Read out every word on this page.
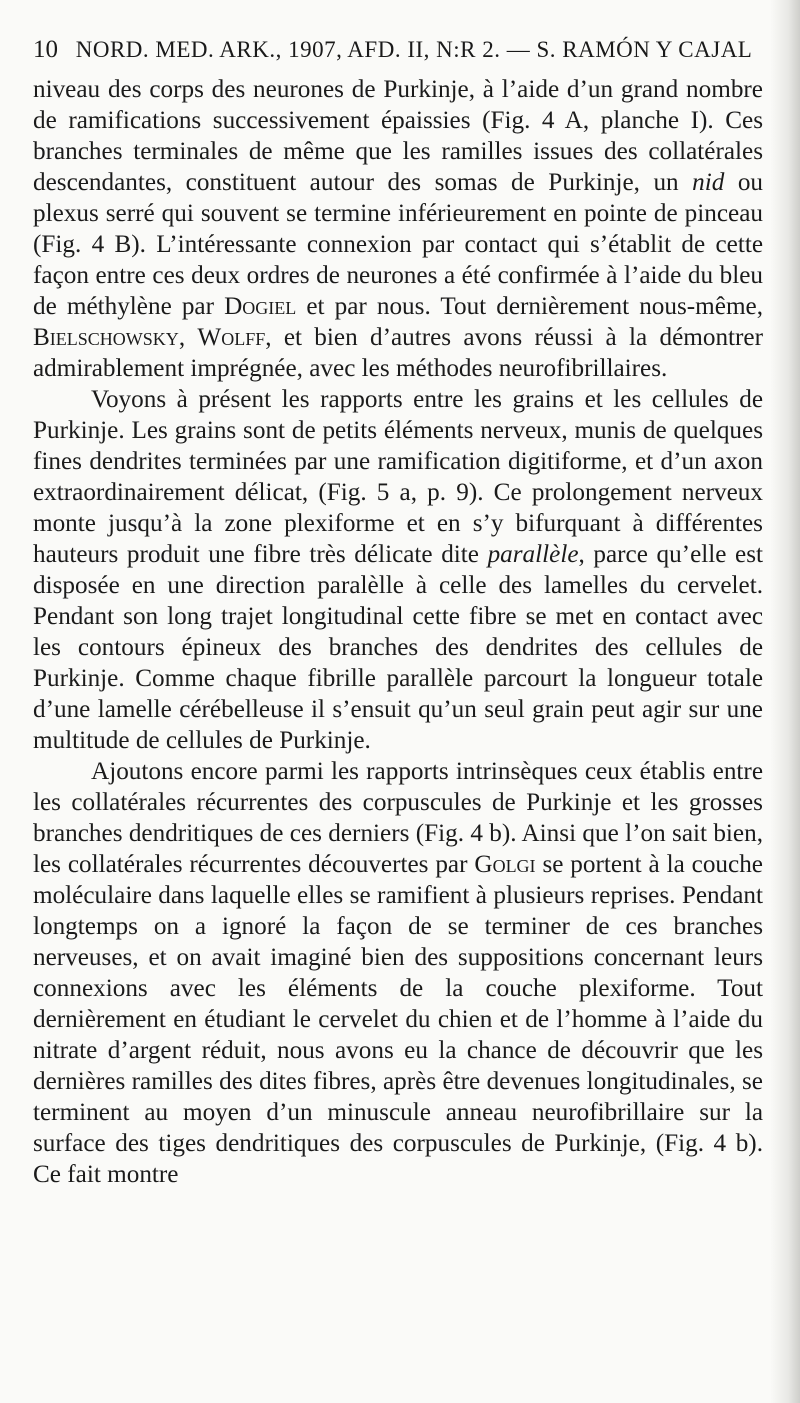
10 NORD. MED. ARK., 1907, AFD. II, N:R 2. — S. RAMÓN Y CAJAL

niveau des corps des neurones de Purkinje, à l’aide d’un grand nombre de ramifications successivement épaissies (Fig. 4 A, planche I). Ces branches terminales de même que les ramilles issues des collatérales descendantes, constituent autour des somas de Purkinje, un nid ou plexus serré qui souvent se termine inférieurement en pointe de pinceau (Fig. 4 B). L’intéressante connexion par contact qui s’établit de cette façon entre ces deux ordres de neurones a été confirmée à l’aide du bleu de méthylène par Dogiel et par nous. Tout dernièrement nous-même, Bielschowsky, Wolff, et bien d’autres avons réussi à la démontrer admirablement imprégnée, avec les méthodes neurofibrillaires.

Voyons à présent les rapports entre les grains et les cellules de Purkinje. Les grains sont de petits éléments nerveux, munis de quelques fines dendrites terminées par une ramification digitiforme, et d’un axon extraordinairement délicat, (Fig. 5 a, p. 9). Ce prolongement nerveux monte jusqu’à la zone plexiforme et en s’y bifurquant à différentes hauteurs produit une fibre très délicate dite parallèle, parce qu’elle est disposée en une direction paralèlle à celle des lamelles du cervelet. Pendant son long trajet longitudinal cette fibre se met en contact avec les contours épineux des branches des dendrites des cellules de Purkinje. Comme chaque fibrille parallèle parcourt la longueur totale d’une lamelle cérébelleuse il s’ensuit qu’un seul grain peut agir sur une multitude de cellules de Purkinje.

Ajoutons encore parmi les rapports intrinsèques ceux établis entre les collatérales récurrentes des corpuscules de Purkinje et les grosses branches dendritiques de ces derniers (Fig. 4 b). Ainsi que l’on sait bien, les collatérales récurrentes découvertes par Golgi se portent à la couche moléculaire dans laquelle elles se ramifient à plusieurs reprises. Pendant longtemps on a ignoré la façon de se terminer de ces branches nerveuses, et on avait imaginé bien des suppositions concernant leurs connexions avec les éléments de la couche plexiforme. Tout dernièrement en étudiant le cervelet du chien et de l’homme à l’aide du nitrate d’argent réduit, nous avons eu la chance de découvrir que les dernières ramilles des dites fibres, après être devenues longitudinales, se terminent au moyen d’un minuscule anneau neurofibrillaire sur la surface des tiges dendritiques des corpuscules de Purkinje, (Fig. 4 b). Ce fait montre
